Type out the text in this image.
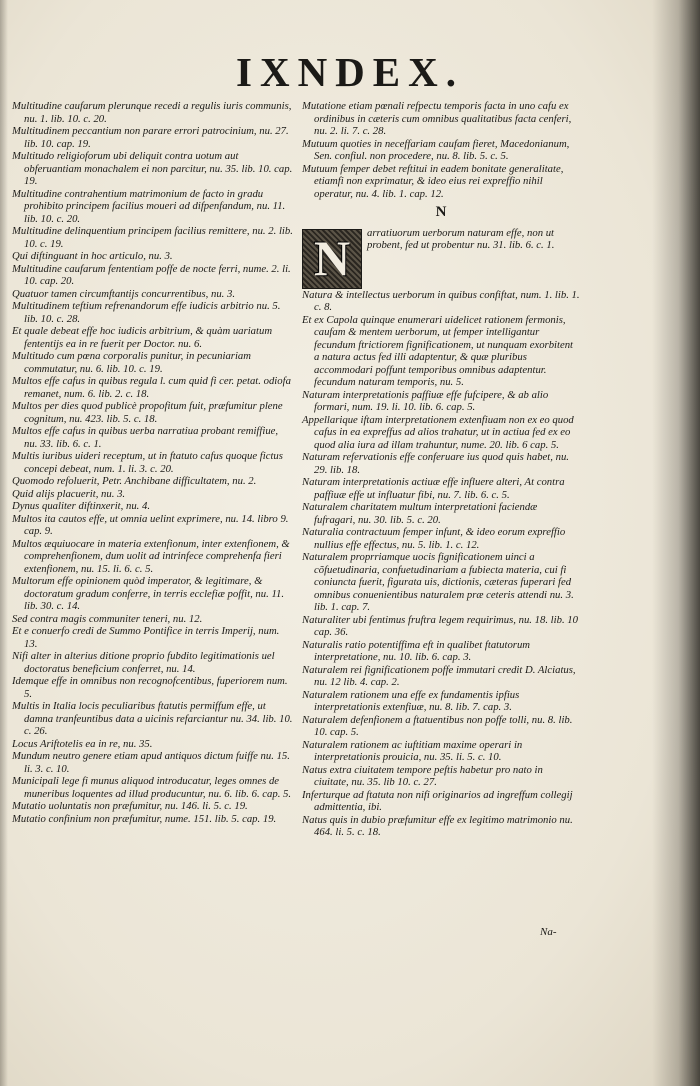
IXNDEX.

Multitudine caufarum plerunque recedi a regulis iuris communis, nu. 1. lib. 10. c. 20.

Multitudinem peccantium non parare errori patrocinium, nu. 27. lib. 10. cap. 19.

Multitudo religioforum ubi deliquit contra uotum aut obferuantiam monachalem ei non parcitur, nu. 35. lib. 10. cap. 19.

Multitudine contrahentium matrimonium de facto in gradu prohibito principem facilius moueri ad difpenfandum, nu. 11. lib. 10. c. 20.

Multitudine delinquentium principem facilius remittere, nu. 2. lib. 10. c. 19.

Qui diftinguant in hoc articulo, nu. 3.

Multitudine caufarum fententiam poffe de nocte ferri, nume. 2. li. 10. cap. 20.

Quatuor tamen circumftantijs concurrentibus, nu. 3.

Multitudinem teftium refrenandorum effe iudicis arbitrio nu. 5. lib. 10. c. 28.

Et quale debeat effe hoc iudicis arbitrium, & quàm uariatum fententijs ea in re fuerit per Doctor. nu. 6.

Multitudo cum pœna corporalis punitur, in pecuniariam commutatur, nu. 6. lib. 10. c. 19.

Multos effe cafus in quibus regula l. cum quid fi cer. petat. odiofa remanet, num. 6. lib. 2. c. 18.

Multos per dies quod publicè propofitum fuit, præfumitur plene cognitum, nu. 423. lib. 5. c. 18.

Multos effe cafus in quibus uerba narratiua probant remiffiue, nu. 33. lib. 6. c. 1.

Multis iuribus uideri receptum, ut in ftatuto cafus quoque fictus concepi debeat, num. 1. li. 3. c. 20.

Quomodo refoluerit, Petr. Anchibane difficultatem, nu. 2.

Quid alijs placuerit, nu. 3.

Dynus qualiter diftinxerit, nu. 4.

Multos ita cautos effe, ut omnia uelint exprimere, nu. 14. libro 9. cap. 9.

Multos æquiuocare in materia extenfionum, inter extenfionem, & comprehenfionem, dum uolit ad intrinfece comprehenfa fieri extenfionem, nu. 15. li. 6. c. 5.

Multorum effe opinionem quòd imperator, & legitimare, & doctoratum gradum conferre, in terris ecclefiæ poffit, nu. 11. lib. 30. c. 14.

Sed contra magis communiter teneri, nu. 12.

Et e conuerfo credi de Summo Pontifice in terris Imperij, num. 13.

Nifi alter in alterius ditione proprio fubdito legitimationis uel doctoratus beneficium conferret, nu. 14.

Idemque effe in omnibus non recognofcentibus, fuperiorem num. 5.

Multis in Italia locis peculiaribus ftatutis permiffum effe, ut damna tranfeuntibus data a uicinis refarciantur nu. 34. lib. 10. c. 26.

Locus Ariftotelis ea in re, nu. 35.

Mundum neutro genere etiam apud antiquos dictum fuiffe nu. 15. li. 3. c. 10.

Municipali lege fi munus aliquod introducatur, leges omnes de muneribus loquentes ad illud producuntur, nu. 6. lib. 6. cap. 5.

Mutatio uoluntatis non præfumitur, nu. 146. li. 5. c. 19.

Mutatio confinium non præfumitur, nume. 151. lib. 5. cap. 19.

Mutatione etiam pœnali refpectu temporis facta in uno cafu ex ordinibus in cæteris cum omnibus qualitatibus facta cenferi, nu. 2. li. 7. c. 28.

Mutuum quoties in neceffariam caufam fieret, Macedonianum, Sen. confiul. non procedere, nu. 8. lib. 5. c. 5.

Mutuum femper debet reftitui in eadem bonitate generalitate, etiamfi non exprimatur, & ideo eius rei expreffio nihil operatur, nu. 4. lib. 1. cap. 12.

N
N	arratiuorum uerborum naturam effe, non ut probent, fed ut probentur nu. 31. lib. 6. c. 1.

Natura & intellectus uerborum in quibus confiftat, num. 1. lib. 1. c. 8.

Et ex Capola quinque enumerari uidelicet rationem fermonis, caufam & mentem uerborum, ut femper intelligantur fecundum ftrictiorem fignificationem, ut nunquam exorbitent a natura actus fed illi adaptentur, & quæ pluribus accommodari poffunt temporibus omnibus adaptentur. fecundum naturam temporis, nu. 5.

Naturam interpretationis paffiuæ effe fufcipere, & ab alio formari, num. 19. li. 10. lib. 6. cap. 5.

Appellarique iftam interpretationem extenfiuam non ex eo quod cafus in ea expreffus ad alios trahatur, ut in actiua fed ex eo quod alia iura ad illam trahuntur, nume. 20. lib. 6 cap. 5.

Naturam refervationis effe conferuare ius quod quis habet, nu. 29. lib. 18.

Naturam interpretationis actiuæ effe influere alteri, At contra paffiuæ effe ut influatur fibi, nu. 7. lib. 6. c. 5.

Naturalem charitatem multum interpretationi faciendæ fufragari, nu. 30. lib. 5. c. 20.

Naturalia contractuum femper infunt, & ideo eorum expreffio nullius effe effectus, nu. 5. lib. 1. c. 12.

Naturalem proprriamque uocis fignificationem uinci a cõfuetudinaria, confuetudinariam a fubiecta materia, cui fi coniuncta fuerit, figurata uis, dictionis, cæteras fuperari fed omnibus conuenientibus naturalem præ ceteris attendi nu. 3. lib. 1. cap. 7.

Naturaliter ubi fentimus fruftra legem requirimus, nu. 18. lib. 10 cap. 36.

Naturalis ratio potentiffima eft in qualibet ftatutorum interpretatione, nu. 10. lib. 6. cap. 3.

Naturalem rei fignificationem poffe immutari credit D. Alciatus, nu. 12 lib. 4. cap. 2.

Naturalem rationem una effe ex fundamentis ipfius interpretationis extenfiuæ, nu. 8. lib. 7. cap. 3.

Naturalem defenfionem a ftatuentibus non poffe tolli, nu. 8. lib. 10. cap. 5.

Naturalem rationem ac iuftitiam maxime operari in interpretationis prouicia, nu. 35. li. 5. c. 10.

Natus extra ciuitatem tempore peftis habetur pro nato in ciuitate, nu. 35. lib 10. c. 27.

Inferturque ad ftatuta non nifi originarios ad ingreffum collegij admittentia, ibi.

Natus quis in dubio præfumitur effe ex legitimo matrimonio nu. 464. li. 5. c. 18.

Na-
